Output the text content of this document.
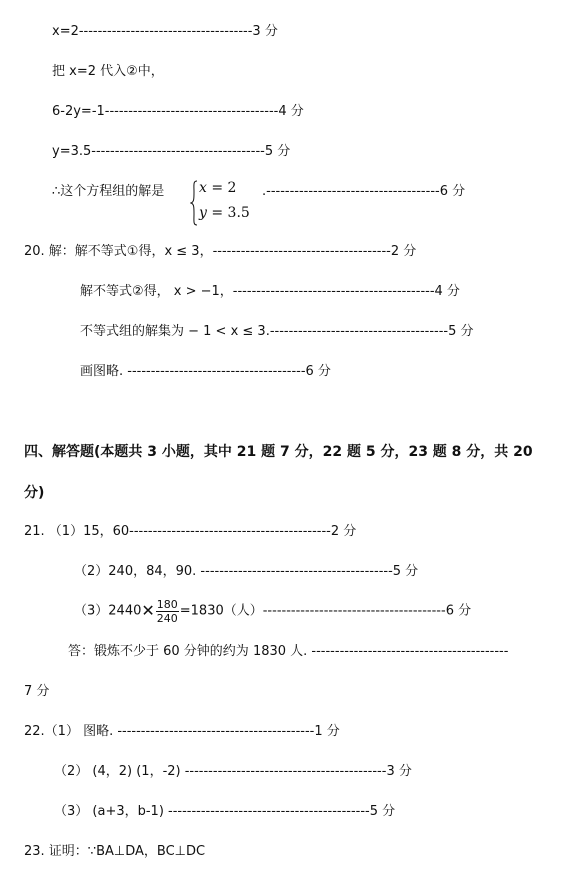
x=2-------------------------------------3 分
把 x=2 代入②中，
6-2y=-1-------------------------------------4 分
y=3.5-------------------------------------5 分
∴这个方程组的解是 x = 2
y = 3.5
.-------------------------------------6 分
20. 解：解不等式①得，x ≤ 3，--------------------------------------2 分
解不等式②得， x > −1，-------------------------------------------4 分
不等式组的解集为 − 1 < x ≤ 3.--------------------------------------5 分
画图略. --------------------------------------6 分
四、解答题(本题共 3 小题，其中 21 题 7 分，22 题 5 分，23 题 8 分，共 20
分)
21. （1）15，60-------------------------------------------2 分
（2）240，84，90. -----------------------------------------5 分
（3）2440✕ $\frac{180}{240} =1830$（人）---------------------------------------6 分
答：锻炼不少于 60 分钟的约为 1830 人. ------------------------------------------
7 分
22.（1） 图略. ------------------------------------------1 分
（2） (4，2) (1，-2) -------------------------------------------3 分
（3） (a+3，b-1) -------------------------------------------5 分
23. 证明：∵BA⊥DA，BC⊥DC
